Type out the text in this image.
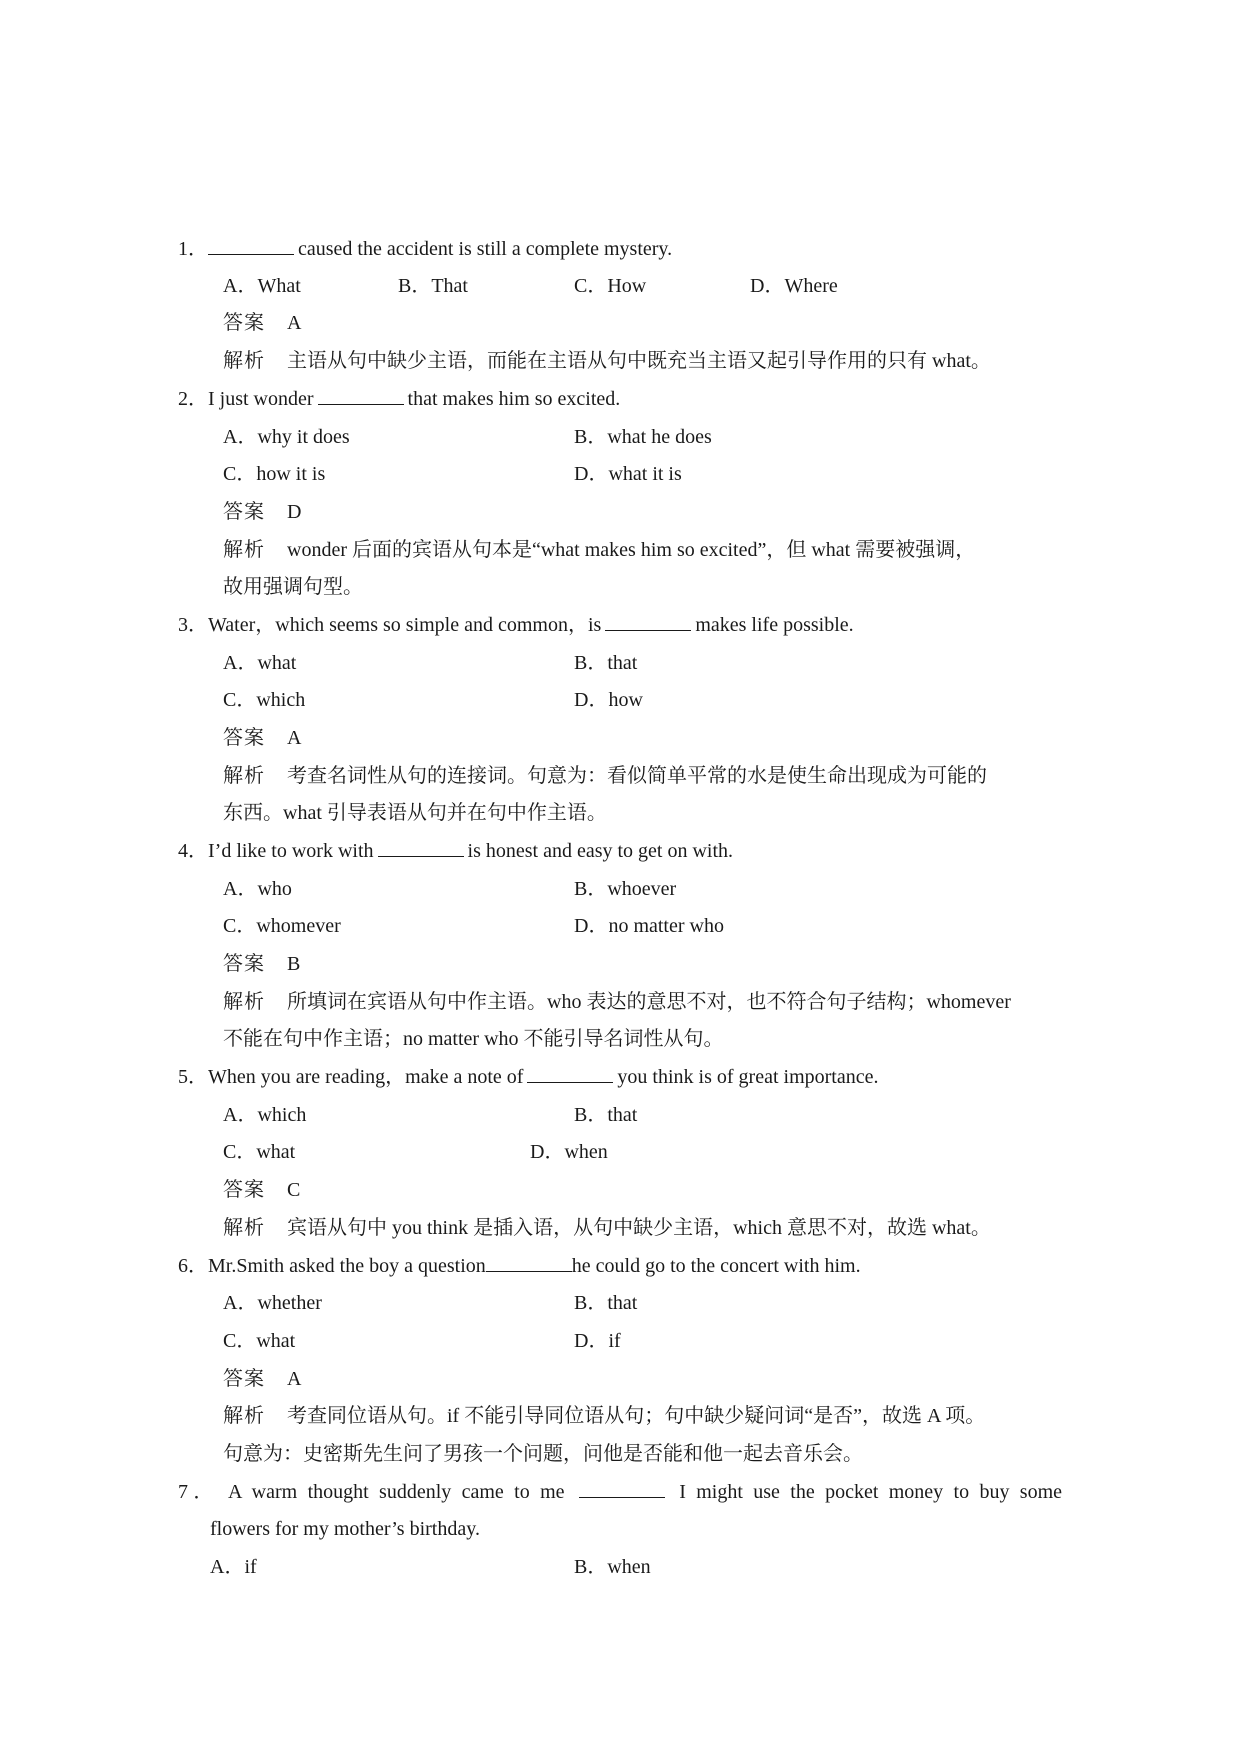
1．	caused the accident is still a complete mystery.
A．What	B．That	C．How	D．Where
答案 A
解析 主语从句中缺少主语，而能在主语从句中既充当主语又起引导作用的只有 what。
2．I just wonder	that makes him so excited.
A．why it does	B．what he does
C．how it is	D．what it is
答案 D
解析 wonder 后面的宾语从句本是“what makes him so excited”，但 what 需要被强调，
故用强调句型。
3．Water，which seems so simple and common，is	makes life possible.
A．what	B．that
C．which	D．how
答案 A
解析 考查名词性从句的连接词。句意为：看似简单平常的水是使生命出现成为可能的
东西。what 引导表语从句并在句中作主语。
4．I’d like to work with	is honest and easy to get on with.
A．who	B．whoever
C．whomever	D．no matter who
答案 B
解析 所填词在宾语从句中作主语。who 表达的意思不对，也不符合句子结构；whomever
不能在句中作主语；no matter who 不能引导名词性从句。
5．When you are reading，make a note of	you think is of great importance.
A．which	B．that
C．what	D．when
答案 C
解析 宾语从句中 you think 是插入语，从句中缺少主语，which 意思不对，故选 what。
6．Mr.Smith asked the boy a question	he could go to the concert with him.
A．whether	B．that
C．what	D．if
答案 A
解析 考查同位语从句。if 不能引导同位语从句；句中缺少疑问词“是否”，故选 A 项。
句意为：史密斯先生问了男孩一个问题，问他是否能和他一起去音乐会。
7． A warm thought suddenly came to me	I might use the pocket money to buy some
flowers for my mother’s birthday.
A．if	B．when
